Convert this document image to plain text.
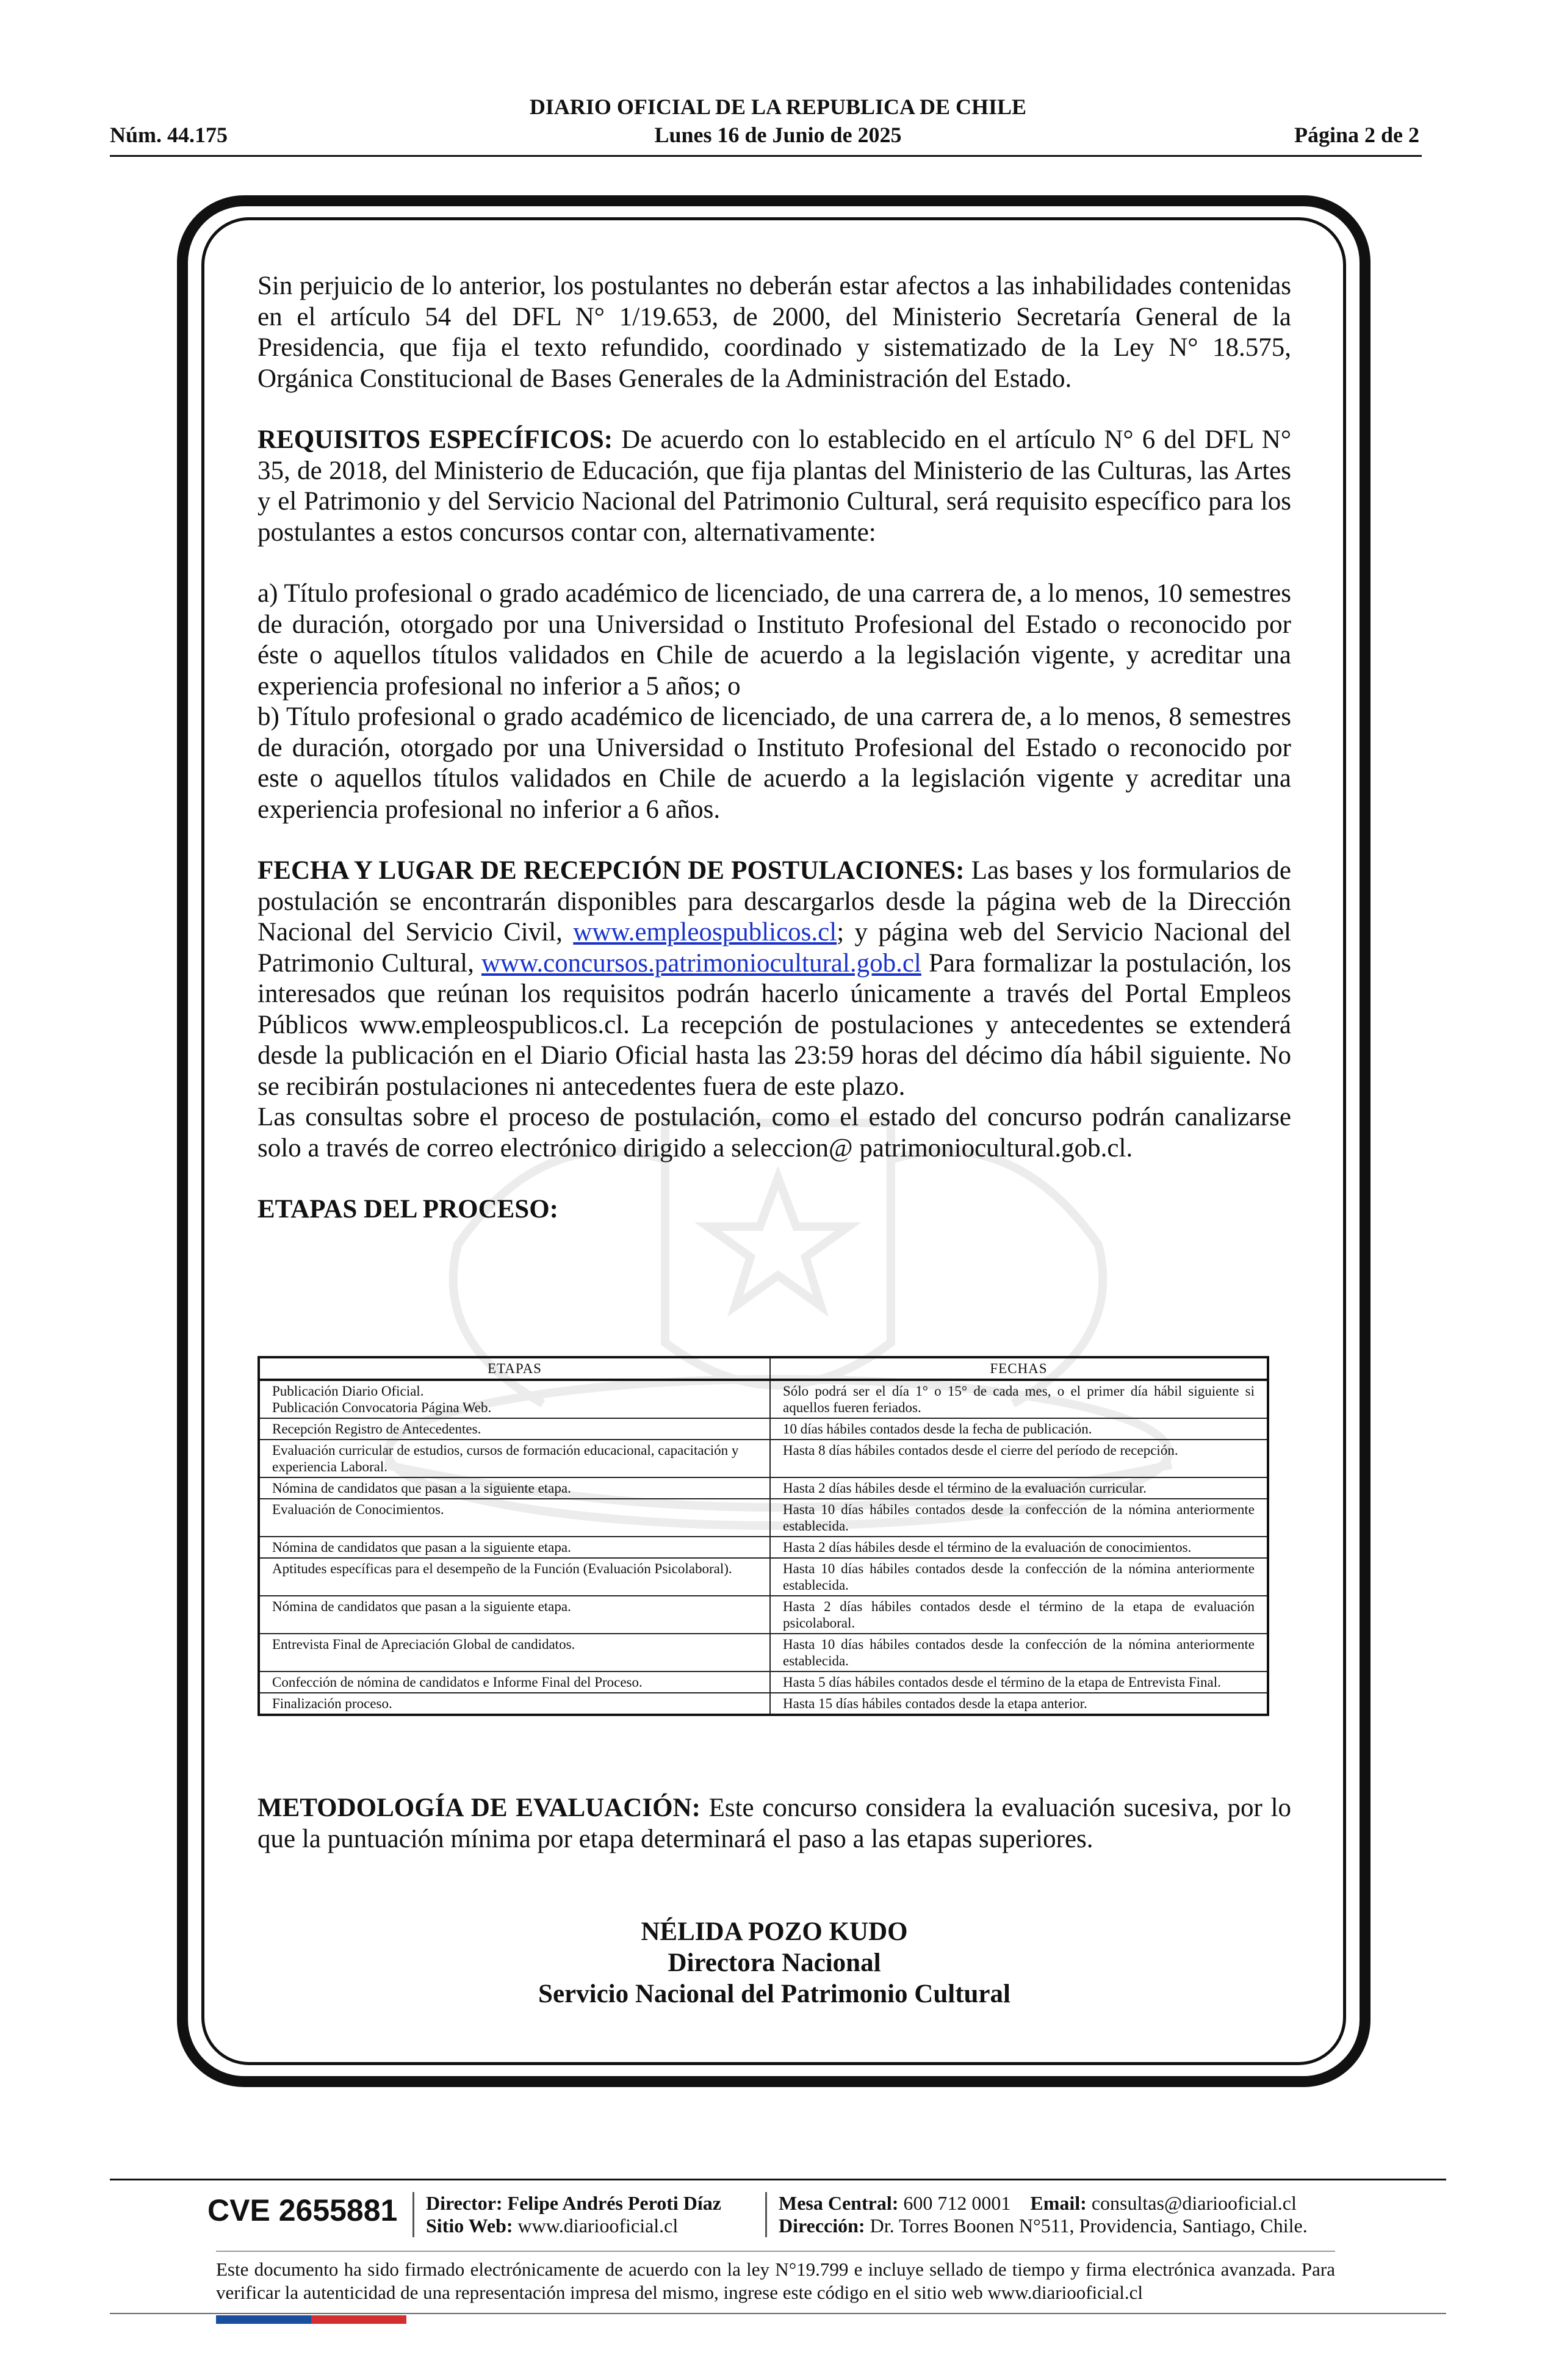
DIARIO OFICIAL DE LA REPUBLICA DE CHILE
Núm. 44.175	Lunes 16 de Junio de 2025	Página 2 de 2

Sin perjuicio de lo anterior, los postulantes no deberán estar afectos a las inhabilidades contenidas en el artículo 54 del DFL N° 1/19.653, de 2000, del Ministerio Secretaría General de la Presidencia, que fija el texto refundido, coordinado y sistematizado de la Ley N° 18.575, Orgánica Constitucional de Bases Generales de la Administración del Estado.

REQUISITOS ESPECÍFICOS: De acuerdo con lo establecido en el artículo N° 6 del DFL N° 35, de 2018, del Ministerio de Educación, que fija plantas del Ministerio de las Culturas, las Artes y el Patrimonio y del Servicio Nacional del Patrimonio Cultural, será requisito específico para los postulantes a estos concursos contar con, alternativamente:

a) Título profesional o grado académico de licenciado, de una carrera de, a lo menos, 10 semestres de duración, otorgado por una Universidad o Instituto Profesional del Estado o reconocido por éste o aquellos títulos validados en Chile de acuerdo a la legislación vigente, y acreditar una experiencia profesional no inferior a 5 años; o

b) Título profesional o grado académico de licenciado, de una carrera de, a lo menos, 8 semestres de duración, otorgado por una Universidad o Instituto Profesional del Estado o reconocido por este o aquellos títulos validados en Chile de acuerdo a la legislación vigente y acreditar una experiencia profesional no inferior a 6 años.

FECHA Y LUGAR DE RECEPCIÓN DE POSTULACIONES: Las bases y los formularios de postulación se encontrarán disponibles para descargarlos desde la página web de la Dirección Nacional del Servicio Civil, www.empleospublicos.cl; y página web del Servicio Nacional del Patrimonio Cultural, www.concursos.patrimoniocultural.gob.cl Para formalizar la postulación, los interesados que reúnan los requisitos podrán hacerlo únicamente a través del Portal Empleos Públicos www.empleospublicos.cl. La recepción de postulaciones y antecedentes se extenderá desde la publicación en el Diario Oficial hasta las 23:59 horas del décimo día hábil siguiente. No se recibirán postulaciones ni antecedentes fuera de este plazo.

Las consultas sobre el proceso de postulación, como el estado del concurso podrán canalizarse solo a través de correo electrónico dirigido a seleccion@ patrimoniocultural.gob.cl.

ETAPAS DEL PROCESO:

ETAPAS	FECHAS
Publicación Diario Oficial.
Publicación Convocatoria Página Web.	Sólo podrá ser el día 1° o 15° de cada mes, o el primer día hábil siguiente si aquellos fueren feriados.
Recepción Registro de Antecedentes.	10 días hábiles contados desde la fecha de publicación.
Evaluación curricular de estudios, cursos de formación educacional, capacitación y experiencia Laboral.	Hasta 8 días hábiles contados desde el cierre del período de recepción.
Nómina de candidatos que pasan a la siguiente etapa.	Hasta 2 días hábiles desde el término de la evaluación curricular.
Evaluación de Conocimientos.	Hasta 10 días hábiles contados desde la confección de la nómina anteriormente establecida.
Nómina de candidatos que pasan a la siguiente etapa.	Hasta 2 días hábiles desde el término de la evaluación de conocimientos.
Aptitudes específicas para el desempeño de la Función (Evaluación Psicolaboral).	Hasta 10 días hábiles contados desde la confección de la nómina anteriormente establecida.
Nómina de candidatos que pasan a la siguiente etapa.	Hasta 2 días hábiles contados desde el término de la etapa de evaluación psicolaboral.
Entrevista Final de Apreciación Global de candidatos.	Hasta 10 días hábiles contados desde la confección de la nómina anteriormente establecida.
Confección de nómina de candidatos e Informe Final del Proceso.	Hasta 5 días hábiles contados desde el término de la etapa de Entrevista Final.
Finalización proceso.	Hasta 15 días hábiles contados desde la etapa anterior.

METODOLOGÍA DE EVALUACIÓN: Este concurso considera la evaluación sucesiva, por lo que la puntuación mínima por etapa determinará el paso a las etapas superiores.

NÉLIDA POZO KUDO
Directora Nacional
Servicio Nacional del Patrimonio Cultural
CVE 2655881 Director: Felipe Andrés Peroti Díaz
Sitio Web: www.diariooficial.cl
Mesa Central: 600 712 0001 Email: consultas@diariooficial.cl
Dirección: Dr. Torres Boonen N°511, Providencia, Santiago, Chile.
Este documento ha sido firmado electrónicamente de acuerdo con la ley N°19.799 e incluye sellado de tiempo y firma electrónica avanzada. Para verificar la autenticidad de una representación impresa del mismo, ingrese este código en el sitio web www.diariooficial.cl
